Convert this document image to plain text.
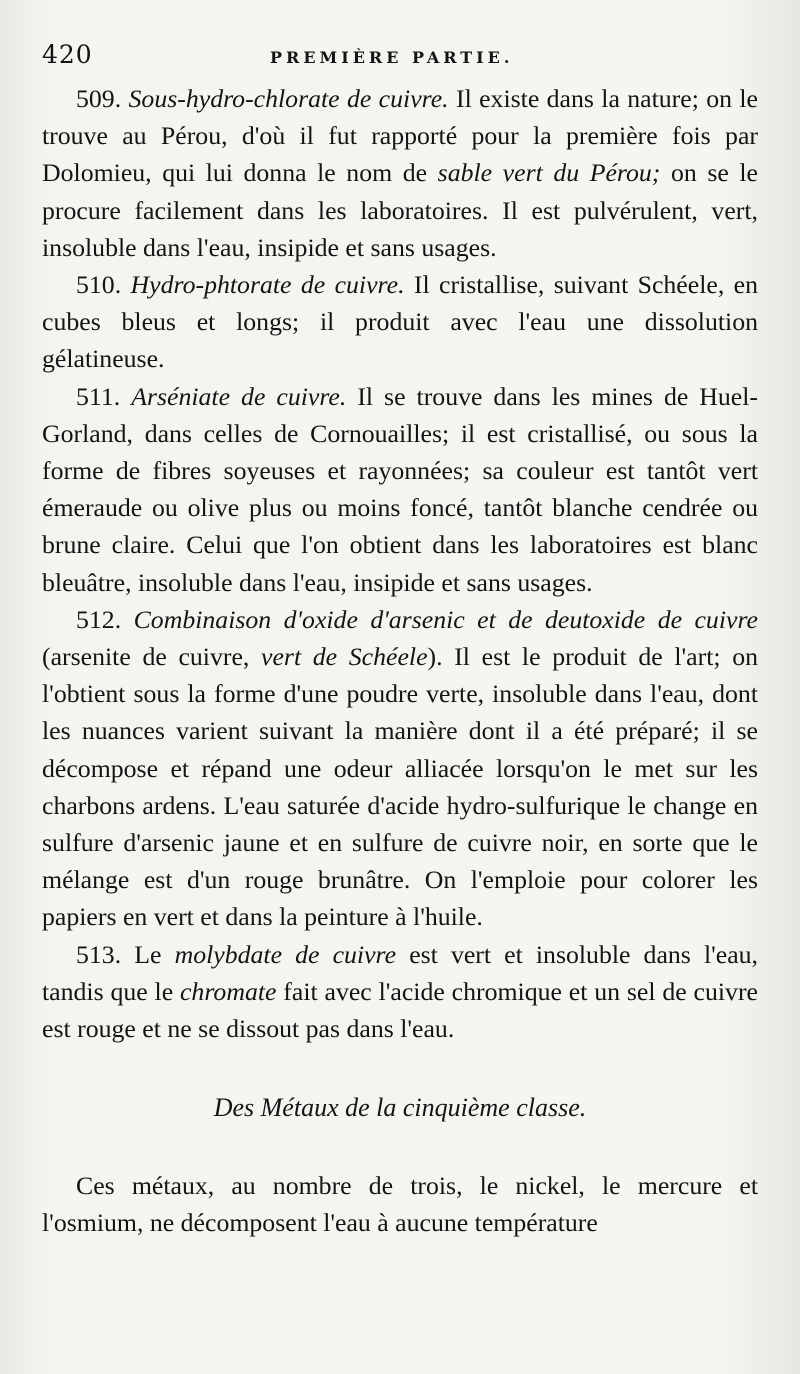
420	PREMIÈRE PARTIE.

509. Sous-hydro-chlorate de cuivre. Il existe dans la nature; on le trouve au Pérou, d'où il fut rapporté pour la première fois par Dolomieu, qui lui donna le nom de sable vert du Pérou; on se le procure facilement dans les laboratoires. Il est pulvérulent, vert, insoluble dans l'eau, insipide et sans usages.

510. Hydro-phtorate de cuivre. Il cristallise, suivant Schéele, en cubes bleus et longs; il produit avec l'eau une dissolution gélatineuse.

511. Arséniate de cuivre. Il se trouve dans les mines de Huel-Gorland, dans celles de Cornouailles; il est cristallisé, ou sous la forme de fibres soyeuses et rayonnées; sa couleur est tantôt vert émeraude ou olive plus ou moins foncé, tantôt blanche cendrée ou brune claire. Celui que l'on obtient dans les laboratoires est blanc bleuâtre, insoluble dans l'eau, insipide et sans usages.

512. Combinaison d'oxide d'arsenic et de deutoxide de cuivre (arsenite de cuivre, vert de Schéele). Il est le produit de l'art; on l'obtient sous la forme d'une poudre verte, insoluble dans l'eau, dont les nuances varient suivant la manière dont il a été préparé; il se décompose et répand une odeur alliacée lorsqu'on le met sur les charbons ardens. L'eau saturée d'acide hydro-sulfurique le change en sulfure d'arsenic jaune et en sulfure de cuivre noir, en sorte que le mélange est d'un rouge brunâtre. On l'emploie pour colorer les papiers en vert et dans la peinture à l'huile.

513. Le molybdate de cuivre est vert et insoluble dans l'eau, tandis que le chromate fait avec l'acide chromique et un sel de cuivre est rouge et ne se dissout pas dans l'eau.

Des Métaux de la cinquième classe.

Ces métaux, au nombre de trois, le nickel, le mercure et l'osmium, ne décomposent l'eau à aucune température
